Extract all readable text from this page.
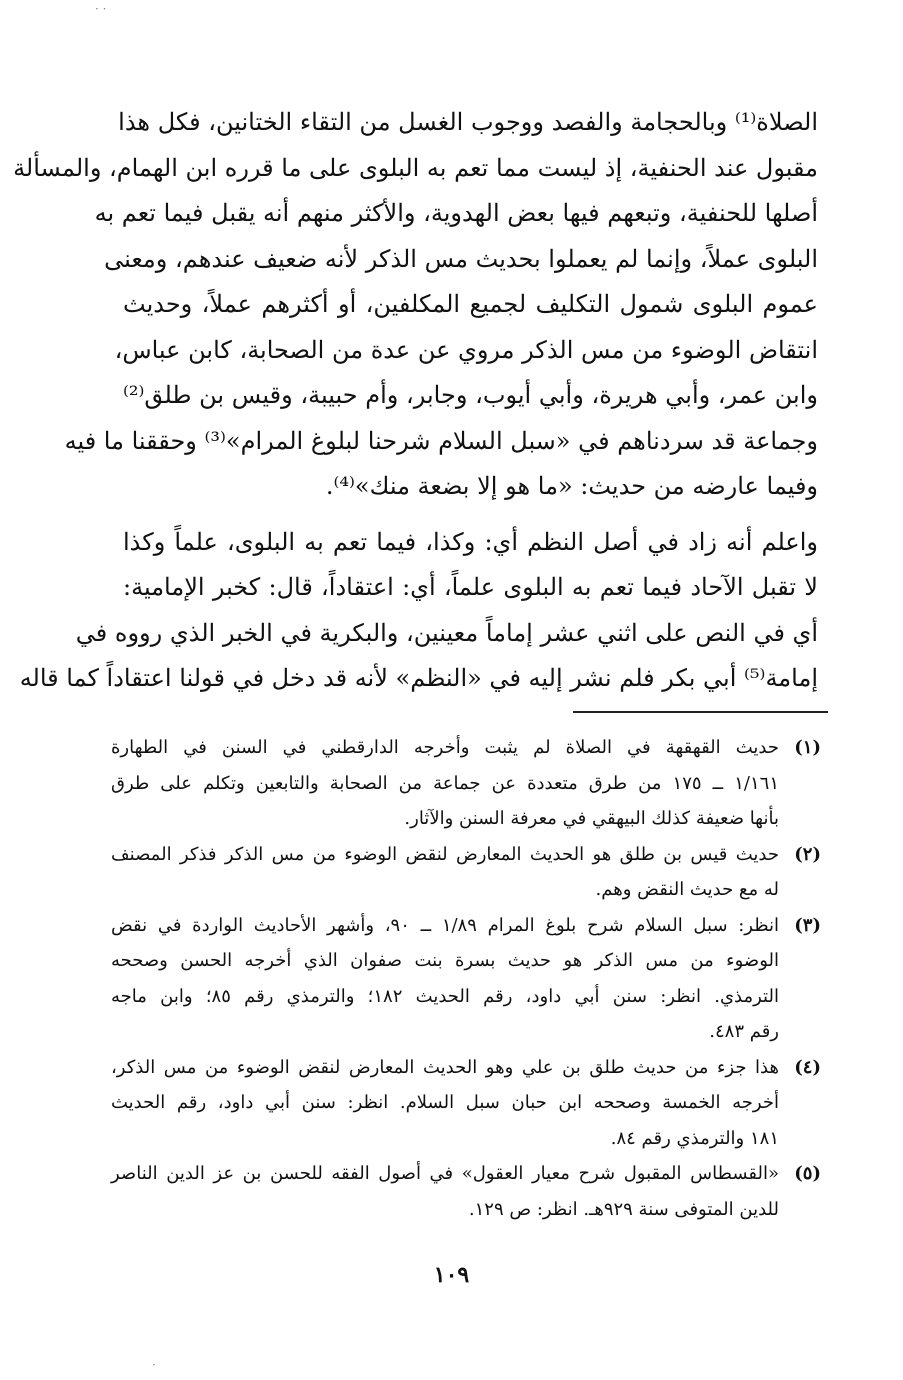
الصلاة⁽¹⁾ وبالحجامة والفصد ووجوب الغسل من التقاء الختانين، فكل هذا
مقبول عند الحنفية، إذ ليست مما تعم به البلوى على ما قرره ابن الهمام، والمسألة
أصلها للحنفية، وتبعهم فيها بعض الهدوية، والأكثر منهم أنه يقبل فيما تعم به
البلوى عملاً، وإنما لم يعملوا بحديث مس الذكر لأنه ضعيف عندهم، ومعنى
عموم البلوى شمول التكليف لجميع المكلفين، أو أكثرهم عملاً، وحديث
انتقاض الوضوء من مس الذكر مروي عن عدة من الصحابة، كابن عباس،
وابن عمر، وأبي هريرة، وأبي أيوب، وجابر، وأم حبيبة، وقيس بن طلق⁽²⁾
وجماعة قد سردناهم في «سبل السلام شرحنا لبلوغ المرام»⁽³⁾ وحققنا ما فيه
وفيما عارضه من حديث: «ما هو إلا بضعة منك»⁽⁴⁾.
واعلم أنه زاد في أصل النظم أي: وكذا، فيما تعم به البلوى، علماً وكذا
لا تقبل الآحاد فيما تعم به البلوى علماً، أي: اعتقاداً، قال: كخبر الإمامية:
أي في النص على اثني عشر إماماً معينين، والبكرية في الخبر الذي رووه في
إمامة⁽⁵⁾ أبي بكر فلم نشر إليه في «النظم» لأنه قد دخل في قولنا اعتقاداً كما قاله
(١)
حديث القهقهة في الصلاة لم يثبت وأخرجه الدارقطني في السنن في الطهارة
١/١٦١ ــ ١٧٥ من طرق متعددة عن جماعة من الصحابة والتابعين وتكلم على طرق
بأنها ضعيفة كذلك البيهقي في معرفة السنن والآثار.
(٢)
حديث قيس بن طلق هو الحديث المعارض لنقض الوضوء من مس الذكر فذكر المصنف
له مع حديث النقض وهم.
(٣)
انظر: سبل السلام شرح بلوغ المرام ١/٨٩ ــ ٩٠، وأشهر الأحاديث الواردة في نقض
الوضوء من مس الذكر هو حديث بسرة بنت صفوان الذي أخرجه الحسن وصححه
الترمذي. انظر: سنن أبي داود، رقم الحديث ١٨٢؛ والترمذي رقم ٨٥؛ وابن ماجه
رقم ٤٨٣.
(٤)
هذا جزء من حديث طلق بن علي وهو الحديث المعارض لنقض الوضوء من مس الذكر،
أخرجه الخمسة وصححه ابن حبان سبل السلام. انظر: سنن أبي داود، رقم الحديث
١٨١ والترمذي رقم ٨٤.
(٥)
«القسطاس المقبول شرح معيار العقول» في أصول الفقه للحسن بن عز الدين الناصر
للدين المتوفى سنة ٩٢٩هـ. انظر: ص ١٢٩.
١٠٩
·
· ·
